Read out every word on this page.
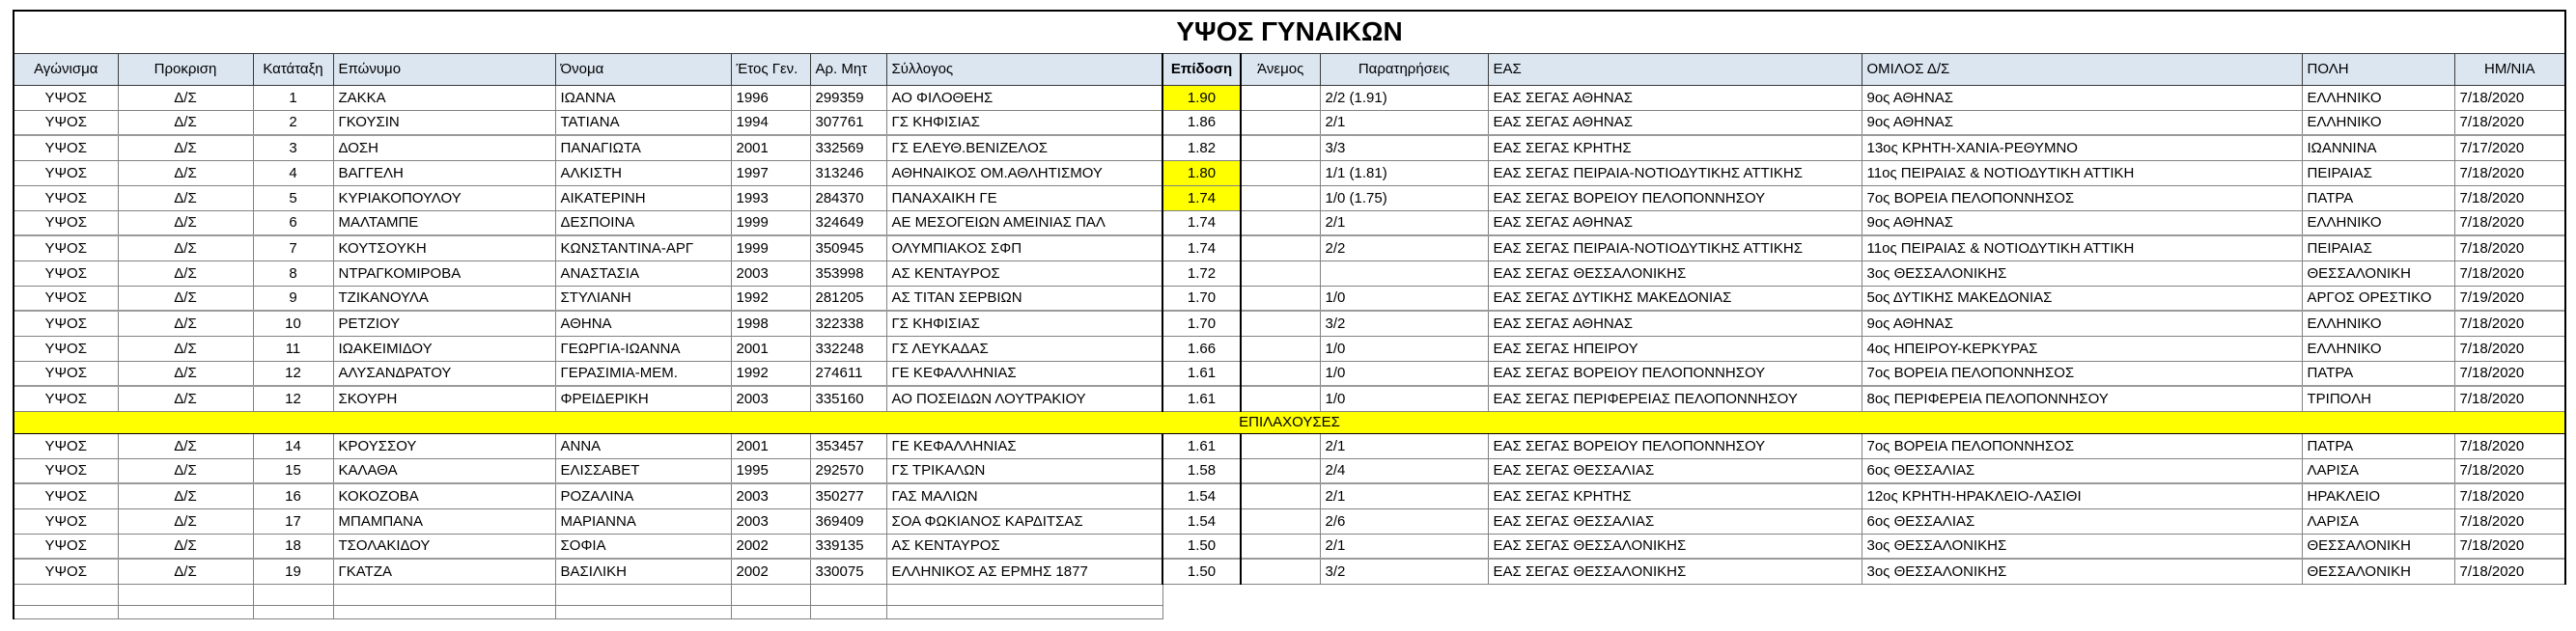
ΥΨΟΣ ΓΥΝΑΙΚΩΝ														
Αγώνισμα	Προκριση	Κατάταξη	Επώνυμο	Όνομα	Έτος Γεν.	Αρ. Μητ	Σύλλογος	Επίδοση	Άνεμος	Παρατηρήσεις	ΕΑΣ	ΟΜΙΛΟΣ Δ/Σ	ΠΟΛΗ	ΗΜ/ΝΙΑ
ΥΨΟΣ	Δ/Σ	1	ΖΑΚΚΑ	ΙΩΑΝΝΑ	1996	299359	ΑΟ ΦΙΛΟΘΕΗΣ	1.90		2/2 (1.91)	ΕΑΣ ΣΕΓΑΣ ΑΘΗΝΑΣ	9ος ΑΘΗΝΑΣ	ΕΛΛΗΝΙΚΟ	7/18/2020
ΥΨΟΣ	Δ/Σ	2	ΓΚΟΥΣΙΝ	ΤΑΤΙΑΝΑ	1994	307761	ΓΣ ΚΗΦΙΣΙΑΣ	1.86		2/1	ΕΑΣ ΣΕΓΑΣ ΑΘΗΝΑΣ	9ος ΑΘΗΝΑΣ	ΕΛΛΗΝΙΚΟ	7/18/2020
ΥΨΟΣ	Δ/Σ	3	ΔΟΣΗ	ΠΑΝΑΓΙΩΤΑ	2001	332569	ΓΣ ΕΛΕΥΘ.ΒΕΝΙΖΕΛΟΣ	1.82		3/3	ΕΑΣ ΣΕΓΑΣ ΚΡΗΤΗΣ	13ος ΚΡΗΤΗ-ΧΑΝΙΑ-ΡΕΘΥΜΝΟ	ΙΩΑΝΝΙΝΑ	7/17/2020
ΥΨΟΣ	Δ/Σ	4	ΒΑΓΓΕΛΗ	ΑΛΚΙΣΤΗ	1997	313246	ΑΘΗΝΑΙΚΟΣ ΟΜ.ΑΘΛΗΤΙΣΜΟΥ	1.80		1/1 (1.81)	ΕΑΣ ΣΕΓΑΣ ΠΕΙΡΑΙΑ-ΝΟΤΙΟΔΥΤΙΚΗΣ ΑΤΤΙΚΗΣ	11ος ΠΕΙΡΑΙΑΣ & ΝΟΤΙΟΔΥΤΙΚΗ ΑΤΤΙΚΗ	ΠΕΙΡΑΙΑΣ	7/18/2020
ΥΨΟΣ	Δ/Σ	5	ΚΥΡΙΑΚΟΠΟΥΛΟΥ	ΑΙΚΑΤΕΡΙΝΗ	1993	284370	ΠΑΝΑΧΑΙΚΗ ΓΕ	1.74		1/0 (1.75)	ΕΑΣ ΣΕΓΑΣ ΒΟΡΕΙΟΥ ΠΕΛΟΠΟΝΝΗΣΟΥ	7ος ΒΟΡΕΙΑ ΠΕΛΟΠΟΝΝΗΣΟΣ	ΠΑΤΡΑ	7/18/2020
ΥΨΟΣ	Δ/Σ	6	ΜΑΛΤΑΜΠΕ	ΔΕΣΠΟΙΝΑ	1999	324649	ΑΕ ΜΕΣΟΓΕΙΩΝ ΑΜΕΙΝΙΑΣ ΠΑΛ	1.74		2/1	ΕΑΣ ΣΕΓΑΣ ΑΘΗΝΑΣ	9ος ΑΘΗΝΑΣ	ΕΛΛΗΝΙΚΟ	7/18/2020
ΥΨΟΣ	Δ/Σ	7	ΚΟΥΤΣΟΥΚΗ	ΚΩΝΣΤΑΝΤΙΝΑ-ΑΡΓ	1999	350945	ΟΛΥΜΠΙΑΚΟΣ ΣΦΠ	1.74		2/2	ΕΑΣ ΣΕΓΑΣ ΠΕΙΡΑΙΑ-ΝΟΤΙΟΔΥΤΙΚΗΣ ΑΤΤΙΚΗΣ	11ος ΠΕΙΡΑΙΑΣ & ΝΟΤΙΟΔΥΤΙΚΗ ΑΤΤΙΚΗ	ΠΕΙΡΑΙΑΣ	7/18/2020
ΥΨΟΣ	Δ/Σ	8	ΝΤΡΑΓΚΟΜΙΡΟΒΑ	ΑΝΑΣΤΑΣΙΑ	2003	353998	ΑΣ ΚΕΝΤΑΥΡΟΣ	1.72			ΕΑΣ ΣΕΓΑΣ ΘΕΣΣΑΛΟΝΙΚΗΣ	3ος ΘΕΣΣΑΛΟΝΙΚΗΣ	ΘΕΣΣΑΛΟΝΙΚΗ	7/18/2020
ΥΨΟΣ	Δ/Σ	9	ΤΖΙΚΑΝΟΥΛΑ	ΣΤΥΛΙΑΝΗ	1992	281205	ΑΣ ΤΙΤΑΝ ΣΕΡΒΙΩΝ	1.70		1/0	ΕΑΣ ΣΕΓΑΣ ΔΥΤΙΚΗΣ ΜΑΚΕΔΟΝΙΑΣ	5ος ΔΥΤΙΚΗΣ ΜΑΚΕΔΟΝΙΑΣ	ΑΡΓΟΣ ΟΡΕΣΤΙΚΟ	7/19/2020
ΥΨΟΣ	Δ/Σ	10	ΡΕΤΖΙΟΥ	ΑΘΗΝΑ	1998	322338	ΓΣ ΚΗΦΙΣΙΑΣ	1.70		3/2	ΕΑΣ ΣΕΓΑΣ ΑΘΗΝΑΣ	9ος ΑΘΗΝΑΣ	ΕΛΛΗΝΙΚΟ	7/18/2020
ΥΨΟΣ	Δ/Σ	11	ΙΩΑΚΕΙΜΙΔΟΥ	ΓΕΩΡΓΙΑ-ΙΩΑΝΝΑ	2001	332248	ΓΣ ΛΕΥΚΑΔΑΣ	1.66		1/0	ΕΑΣ ΣΕΓΑΣ ΗΠΕΙΡΟΥ	4ος ΗΠΕΙΡΟΥ-ΚΕΡΚΥΡΑΣ	ΕΛΛΗΝΙΚΟ	7/18/2020
ΥΨΟΣ	Δ/Σ	12	ΑΛΥΣΑΝΔΡΑΤΟΥ	ΓΕΡΑΣΙΜΙΑ-ΜΕΜ.	1992	274611	ΓΕ ΚΕΦΑΛΛΗΝΙΑΣ	1.61		1/0	ΕΑΣ ΣΕΓΑΣ ΒΟΡΕΙΟΥ ΠΕΛΟΠΟΝΝΗΣΟΥ	7ος ΒΟΡΕΙΑ ΠΕΛΟΠΟΝΝΗΣΟΣ	ΠΑΤΡΑ	7/18/2020
ΥΨΟΣ	Δ/Σ	12	ΣΚΟΥΡΗ	ΦΡΕΙΔΕΡΙΚΗ	2003	335160	ΑΟ ΠΟΣΕΙΔΩΝ ΛΟΥΤΡΑΚΙΟΥ	1.61		1/0	ΕΑΣ ΣΕΓΑΣ ΠΕΡΙΦΕΡΕΙΑΣ ΠΕΛΟΠΟΝΝΗΣΟΥ	8ος ΠΕΡΙΦΕΡΕΙΑ ΠΕΛΟΠΟΝΝΗΣΟΥ	ΤΡΙΠΟΛΗ	7/18/2020
ΕΠΙΛΑΧΟΥΣΕΣ														
ΥΨΟΣ	Δ/Σ	14	ΚΡΟΥΣΣΟΥ	ΑΝΝΑ	2001	353457	ΓΕ ΚΕΦΑΛΛΗΝΙΑΣ	1.61		2/1	ΕΑΣ ΣΕΓΑΣ ΒΟΡΕΙΟΥ ΠΕΛΟΠΟΝΝΗΣΟΥ	7ος ΒΟΡΕΙΑ ΠΕΛΟΠΟΝΝΗΣΟΣ	ΠΑΤΡΑ	7/18/2020
ΥΨΟΣ	Δ/Σ	15	ΚΑΛΑΘΑ	ΕΛΙΣΣΑΒΕΤ	1995	292570	ΓΣ ΤΡΙΚΑΛΩΝ	1.58		2/4	ΕΑΣ ΣΕΓΑΣ ΘΕΣΣΑΛΙΑΣ	6ος ΘΕΣΣΑΛΙΑΣ	ΛΑΡΙΣΑ	7/18/2020
ΥΨΟΣ	Δ/Σ	16	ΚΟΚΟΖΟΒΑ	ΡΟΖΑΛΙΝΑ	2003	350277	ΓΑΣ ΜΑΛΙΩΝ	1.54		2/1	ΕΑΣ ΣΕΓΑΣ ΚΡΗΤΗΣ	12ος ΚΡΗΤΗ-ΗΡΑΚΛΕΙΟ-ΛΑΣΙΘΙ	ΗΡΑΚΛΕΙΟ	7/18/2020
ΥΨΟΣ	Δ/Σ	17	ΜΠΑΜΠΑΝΑ	ΜΑΡΙΑΝΝΑ	2003	369409	ΣΟΑ ΦΩΚΙΑΝΟΣ ΚΑΡΔΙΤΣΑΣ	1.54		2/6	ΕΑΣ ΣΕΓΑΣ ΘΕΣΣΑΛΙΑΣ	6ος ΘΕΣΣΑΛΙΑΣ	ΛΑΡΙΣΑ	7/18/2020
ΥΨΟΣ	Δ/Σ	18	ΤΣΟΛΑΚΙΔΟΥ	ΣΟΦΙΑ	2002	339135	ΑΣ ΚΕΝΤΑΥΡΟΣ	1.50		2/1	ΕΑΣ ΣΕΓΑΣ ΘΕΣΣΑΛΟΝΙΚΗΣ	3ος ΘΕΣΣΑΛΟΝΙΚΗΣ	ΘΕΣΣΑΛΟΝΙΚΗ	7/18/2020
ΥΨΟΣ	Δ/Σ	19	ΓΚΑΤΖΑ	ΒΑΣΙΛΙΚΗ	2002	330075	ΕΛΛΗΝΙΚΟΣ ΑΣ ΕΡΜΗΣ 1877	1.50		3/2	ΕΑΣ ΣΕΓΑΣ ΘΕΣΣΑΛΟΝΙΚΗΣ	3ος ΘΕΣΣΑΛΟΝΙΚΗΣ	ΘΕΣΣΑΛΟΝΙΚΗ	7/18/2020
